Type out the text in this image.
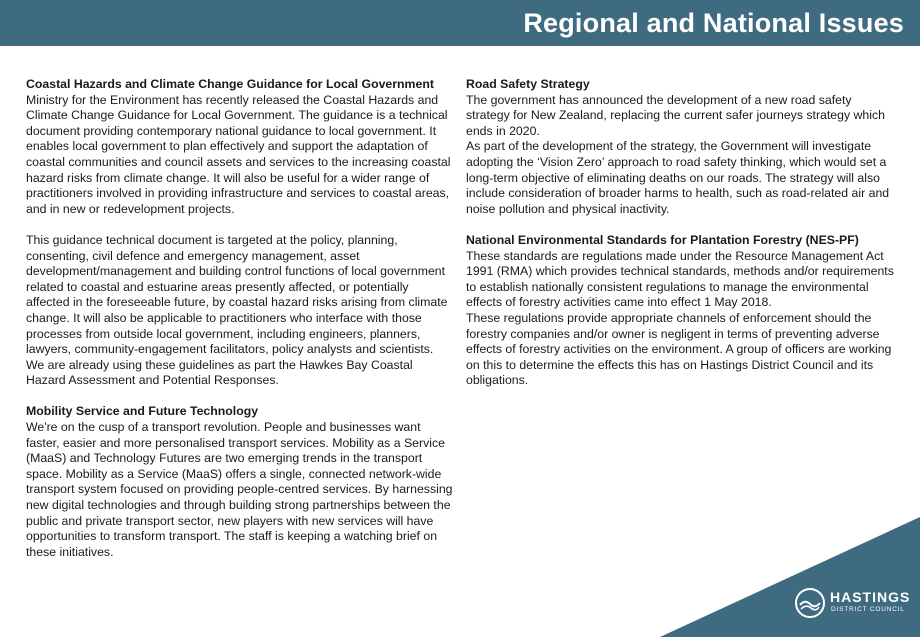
Regional and National Issues
Coastal Hazards and Climate Change Guidance for Local Government
Ministry for the Environment has recently released the Coastal Hazards and Climate Change Guidance for Local Government. The guidance is a technical document providing contemporary national guidance to local government. It enables local government to plan effectively and support the adaptation of coastal communities and council assets and services to the increasing coastal hazard risks from climate change. It will also be useful for a wider range of practitioners involved in providing infrastructure and services to coastal areas, and in new or redevelopment projects.
This guidance technical document is targeted at the policy, planning, consenting, civil defence and emergency management, asset development/management and building control functions of local government related to coastal and estuarine areas presently affected, or potentially affected in the foreseeable future, by coastal hazard risks arising from climate change. It will also be applicable to practitioners who interface with those processes from outside local government, including engineers, planners, lawyers, community-engagement facilitators, policy analysts and scientists. We are already using these guidelines as part the Hawkes Bay Coastal Hazard Assessment and Potential Responses.
Mobility Service and Future Technology
We're on the cusp of a transport revolution. People and businesses want faster, easier and more personalised transport services. Mobility as a Service (MaaS) and Technology Futures are two emerging trends in the transport space. Mobility as a Service (MaaS) offers a single, connected network-wide transport system focused on providing people-centred services. By harnessing new digital technologies and through building strong partnerships between the public and private transport sector, new players with new services will have opportunities to transform transport. The staff is keeping a watching brief on these initiatives.
Road Safety Strategy
The government has announced the development of a new road safety strategy for New Zealand, replacing the current safer journeys strategy which ends in 2020.
As part of the development of the strategy, the Government will investigate adopting the ‘Vision Zero’ approach to road safety thinking, which would set a long-term objective of eliminating deaths on our roads. The strategy will also include consideration of broader harms to health, such as road-related air and noise pollution and physical inactivity.
National Environmental Standards for Plantation Forestry (NES-PF)
These standards are regulations made under the Resource Management Act 1991 (RMA) which provides technical standards, methods and/or requirements to establish nationally consistent regulations to manage the environmental effects of forestry activities came into effect 1 May 2018.
These regulations provide appropriate channels of enforcement should the forestry companies and/or owner is negligent in terms of preventing adverse effects of forestry activities on the environment. A group of officers are working on this to determine the effects this has on Hastings District Council and its obligations.
HASTINGS
DISTRICT COUNCIL
